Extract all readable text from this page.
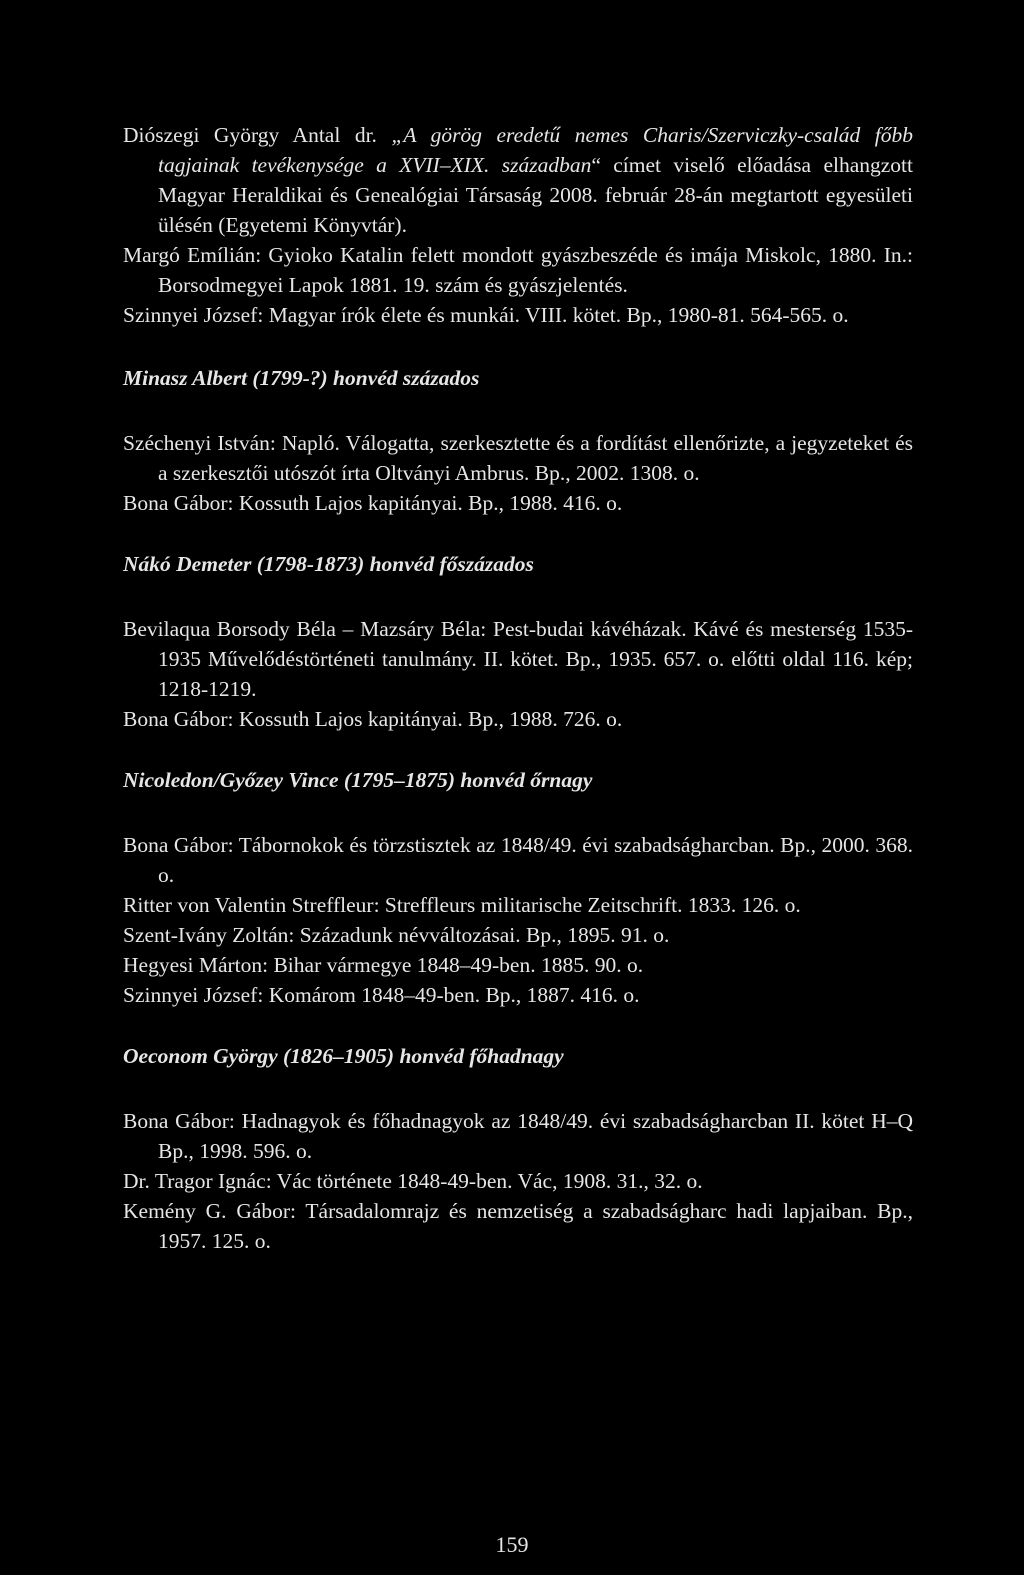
Diószegi György Antal dr. „A görög eredetű nemes Charis/Szerviczky-család főbb tagjainak tevékenysége a XVII–XIX. században“ címet viselő előadása elhangzott Magyar Heraldikai és Genealógiai Társaság 2008. február 28-án megtartott egyesületi ülésén (Egyetemi Könyvtár).

Margó Emílián: Gyioko Katalin felett mondott gyászbeszéde és imája Miskolc, 1880. In.: Borsodmegyei Lapok 1881. 19. szám és gyászjelentés.

Szinnyei József: Magyar írók élete és munkái. VIII. kötet. Bp., 1980-81. 564-565. o.

Minasz Albert (1799-?) honvéd százados

Széchenyi István: Napló. Válogatta, szerkesztette és a fordítást ellenőrizte, a jegyzeteket és a szerkesztői utószót írta Oltványi Ambrus. Bp., 2002. 1308. o.

Bona Gábor: Kossuth Lajos kapitányai. Bp., 1988. 416. o.

Nákó Demeter (1798-1873) honvéd főszázados

Bevilaqua Borsody Béla – Mazsáry Béla: Pest-budai kávéházak. Kávé és mesterség 1535-1935 Művelődéstörténeti tanulmány. II. kötet. Bp., 1935. 657. o. előtti oldal 116. kép; 1218-1219.

Bona Gábor: Kossuth Lajos kapitányai. Bp., 1988. 726. o.

Nicoledon/Győzey Vince (1795–1875) honvéd őrnagy

Bona Gábor: Tábornokok és törzstisztek az 1848/49. évi szabadságharcban. Bp., 2000. 368. o.

Ritter von Valentin Streffleur: Streffleurs militarische Zeitschrift. 1833. 126. o.

Szent-Ivány Zoltán: Századunk névváltozásai. Bp., 1895. 91. o.

Hegyesi Márton: Bihar vármegye 1848–49-ben. 1885. 90. o.

Szinnyei József: Komárom 1848–49-ben. Bp., 1887. 416. o.

Oeconom György (1826–1905) honvéd főhadnagy

Bona Gábor: Hadnagyok és főhadnagyok az 1848/49. évi szabadságharcban II. kötet H–Q Bp., 1998. 596. o.

Dr. Tragor Ignác: Vác története 1848-49-ben. Vác, 1908. 31., 32. o.

Kemény G. Gábor: Társadalomrajz és nemzetiség a szabadságharc hadi lapjaiban. Bp., 1957. 125. o.

159
